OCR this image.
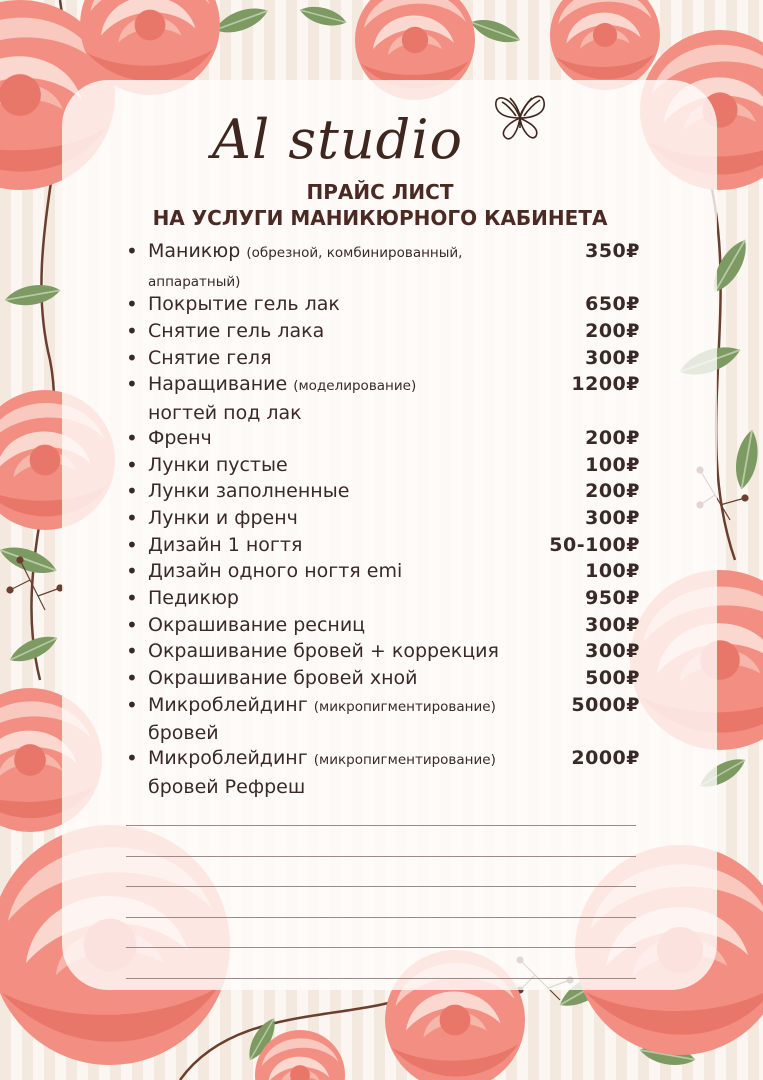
Al studio
ПРАЙС ЛИСТ
НА УСЛУГИ МАНИКЮРНОГО КАБИНЕТА
• Маникюр (обрезной, комбинированный,
аппаратный)
350₽
• Покрытие гель лак	650₽
• Снятие гель лака	200₽
• Снятие геля	300₽
• Наращивание (моделирование)
ногтей под лак
1200₽
• Френч	200₽
• Лунки пустые	100₽
• Лунки заполненные	200₽
• Лунки и френч	300₽
• Дизайн 1 ногтя	50-100₽
• Дизайн одного ногтя emi	100₽
• Педикюр	950₽
• Окрашивание ресниц	300₽
• Окрашивание бровей + коррекция	300₽
• Окрашивание бровей хной	500₽
• Микроблейдинг (микропигментирование)
бровей
5000₽
• Микроблейдинг (микропигментирование)
бровей Рефреш
2000₽
